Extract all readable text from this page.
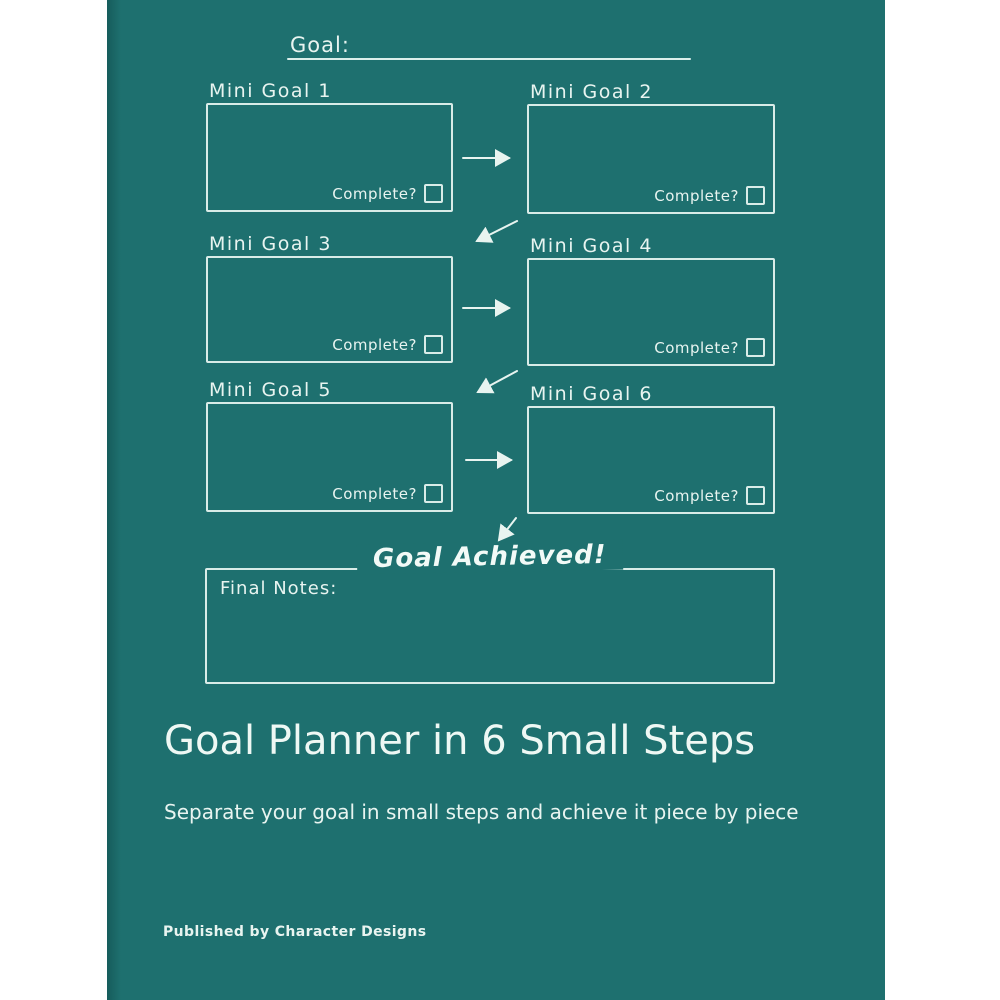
Goal:
Mini Goal 1
Complete?
Mini Goal 2
Complete?
Mini Goal 3
Complete?
Mini Goal 4
Complete?
Mini Goal 5
Complete?
Mini Goal 6
Complete?
Final Notes:
Goal Achieved!
Goal Planner in 6 Small Steps
Separate your goal in small steps and achieve it piece by piece
Published by Character Designs
